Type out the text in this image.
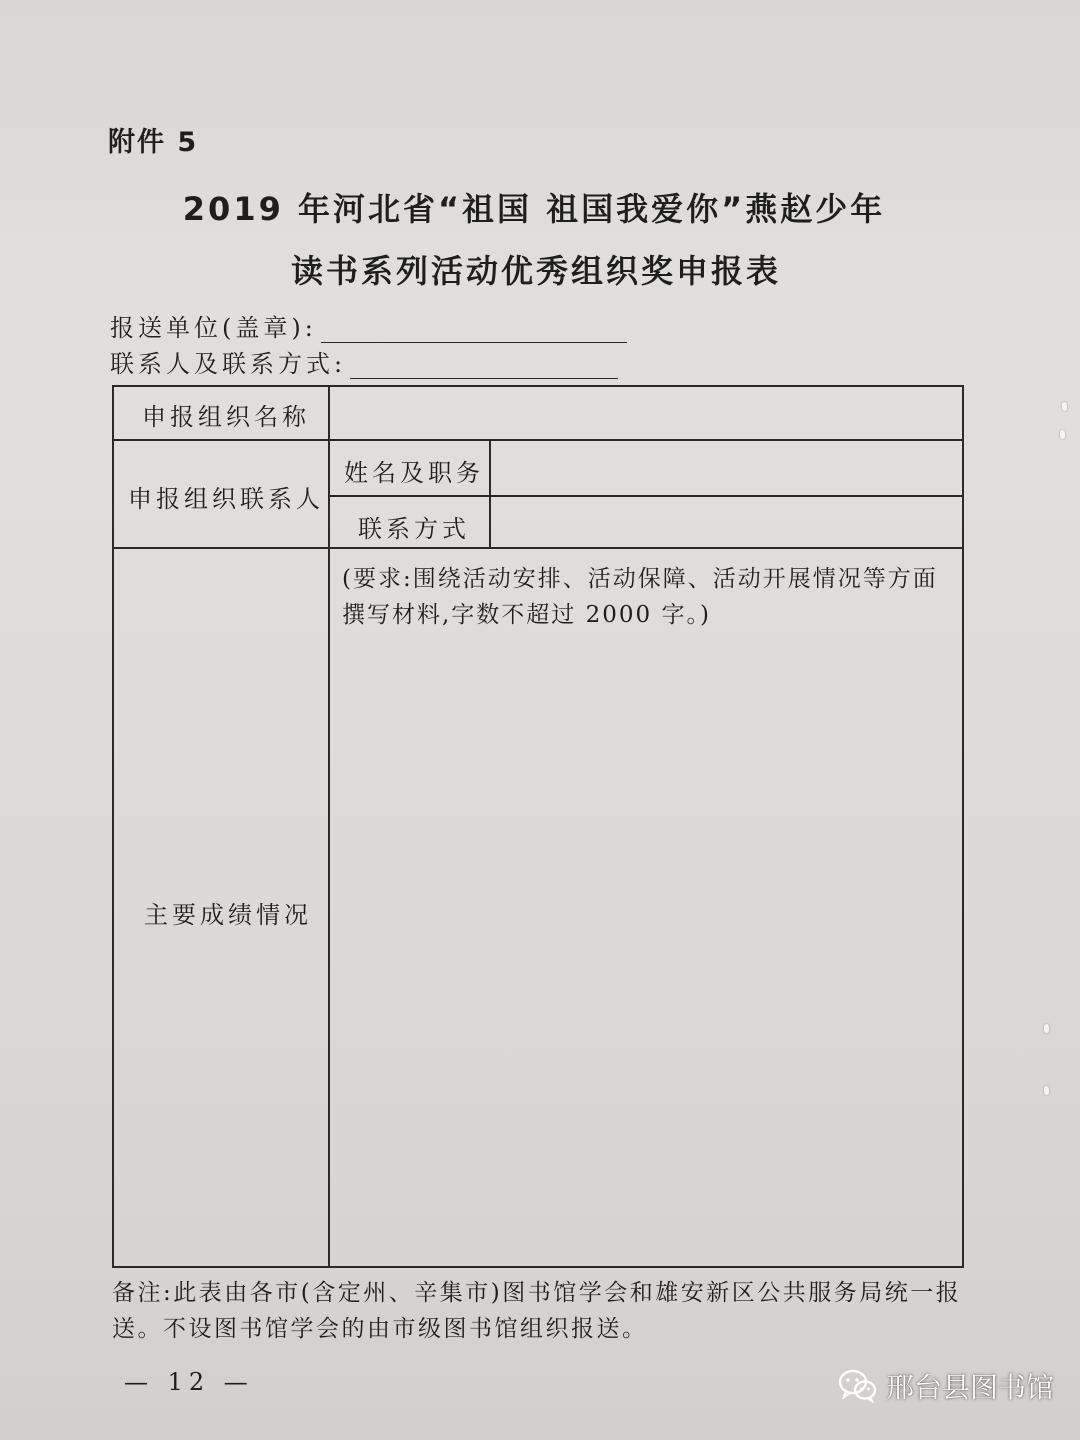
附件 5
2019 年河北省“祖国 祖国我爱你”燕赵少年
读书系列活动优秀组织奖申报表
报送单位(盖章):
联系人及联系方式:
申报组织名称
申报组织联系人
姓名及职务
联系方式
主要成绩情况
(要求:围绕活动安排、活动保障、活动开展情况等方面撰写材料,字数不超过 2000 字。)
备注:此表由各市(含定州、辛集市)图书馆学会和雄安新区公共服务局统一报送。不设图书馆学会的由市级图书馆组织报送。
— 12 —	邢台县图书馆
